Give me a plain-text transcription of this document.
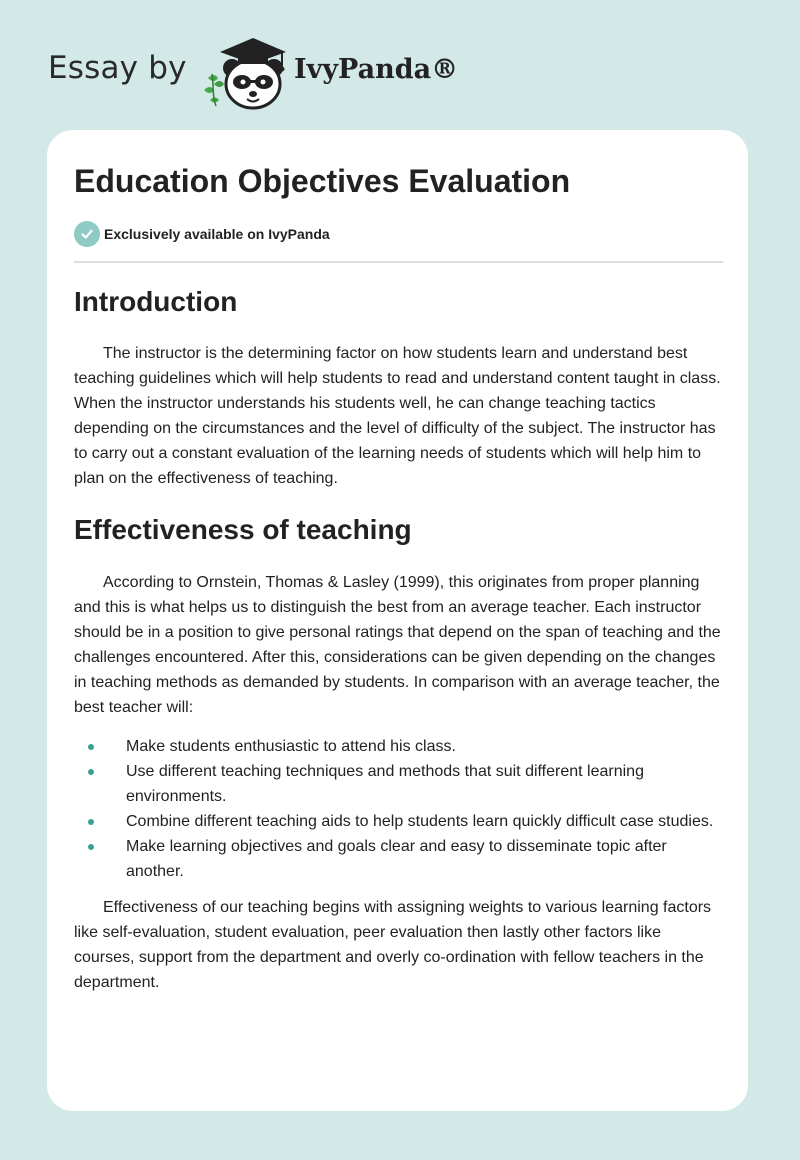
Essay by	IvyPanda®
Education Objectives Evaluation
Exclusively available on IvyPanda
Introduction

The instructor is the determining factor on how students learn and understand best teaching guidelines which will help students to read and understand content taught in class. When the instructor understands his students well, he can change teaching tactics depending on the circumstances and the level of difficulty of the subject. The instructor has to carry out a constant evaluation of the learning needs of students which will help him to plan on the effectiveness of teaching.

Effectiveness of teaching

According to Ornstein, Thomas & Lasley (1999), this originates from proper planning and this is what helps us to distinguish the best from an average teacher. Each instructor should be in a position to give personal ratings that depend on the span of teaching and the challenges encountered. After this, considerations can be given depending on the changes in teaching methods as demanded by students. In comparison with an average teacher, the best teacher will:

Make students enthusiastic to attend his class.
Use different teaching techniques and methods that suit different learning environments.
Combine different teaching aids to help students learn quickly difficult case studies.
Make learning objectives and goals clear and easy to disseminate topic after another.

Effectiveness of our teaching begins with assigning weights to various learning factors like self-evaluation, student evaluation, peer evaluation then lastly other factors like courses, support from the department and overly co-ordination with fellow teachers in the department.
